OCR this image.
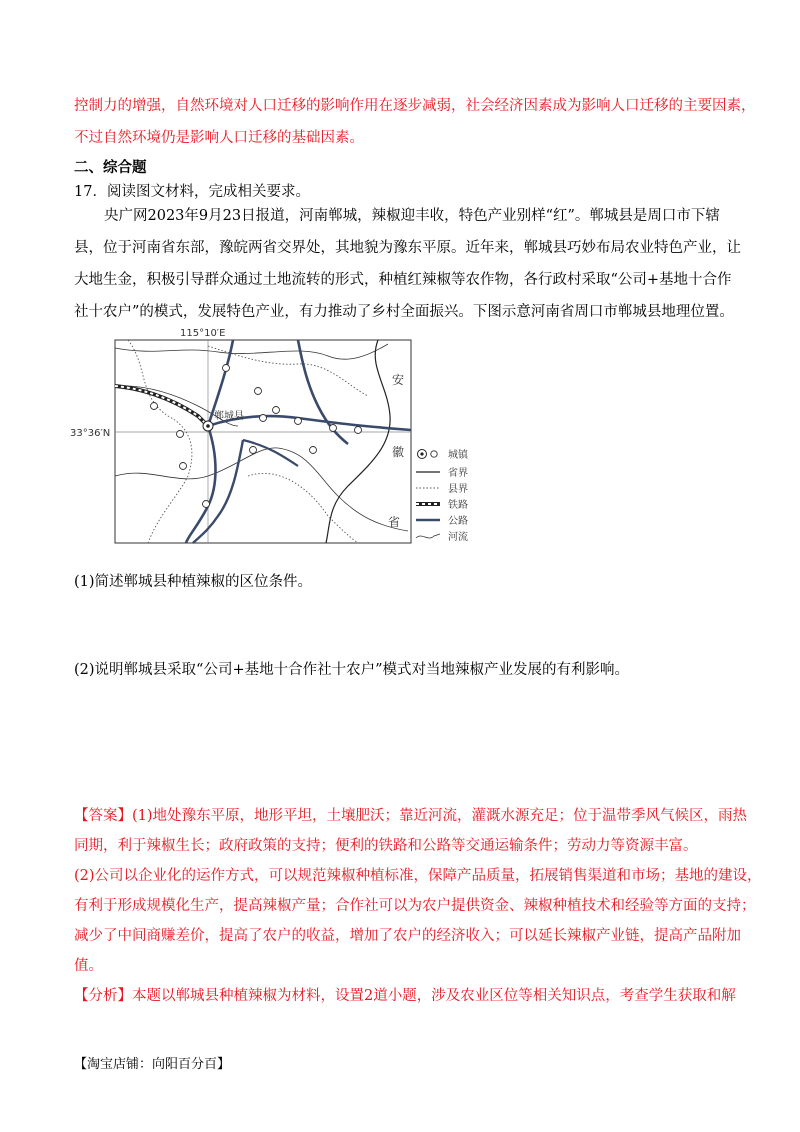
控制力的增强，自然环境对人口迁移的影响作用在逐步减弱，社会经济因素成为影响人口迁移的主要因素，
不过自然环境仍是影响人口迁移的基础因素。
二、综合题
17．阅读图文材料，完成相关要求。
央广网2023年9月23日报道，河南郸城，辣椒迎丰收，特色产业别样“红”。郸城县是周口市下辖
县，位于河南省东部，豫皖两省交界处，其地貌为豫东平原。近年来，郸城县巧妙布局农业特色产业，让
大地生金，积极引导群众通过土地流转的形式，种植红辣椒等农作物，各行政村采取“公司+基地十合作
社十农户”的模式，发展特色产业，有力推动了乡村全面振兴。下图示意河南省周口市郸城县地理位置。
郸城县
115°10′E
33°36′N
安
徽
省
城镇
省界
县界
铁路
公路
河流
(1)简述郸城县种植辣椒的区位条件。
(2)说明郸城县采取“公司+基地十合作社十农户”模式对当地辣椒产业发展的有利影响。
【答案】(1)地处豫东平原，地形平坦，土壤肥沃；靠近河流，灌溉水源充足；位于温带季风气候区，雨热
同期，利于辣椒生长；政府政策的支持；便利的铁路和公路等交通运输条件；劳动力等资源丰富。
(2)公司以企业化的运作方式，可以规范辣椒种植标准，保障产品质量，拓展销售渠道和市场；基地的建设，
有利于形成规模化生产，提高辣椒产量；合作社可以为农户提供资金、辣椒种植技术和经验等方面的支持；
减少了中间商赚差价，提高了农户的收益，增加了农户的经济收入；可以延长辣椒产业链，提高产品附加
值。
【分析】本题以郸城县种植辣椒为材料，设置2道小题，涉及农业区位等相关知识点，考查学生获取和解
【淘宝店铺：向阳百分百】
